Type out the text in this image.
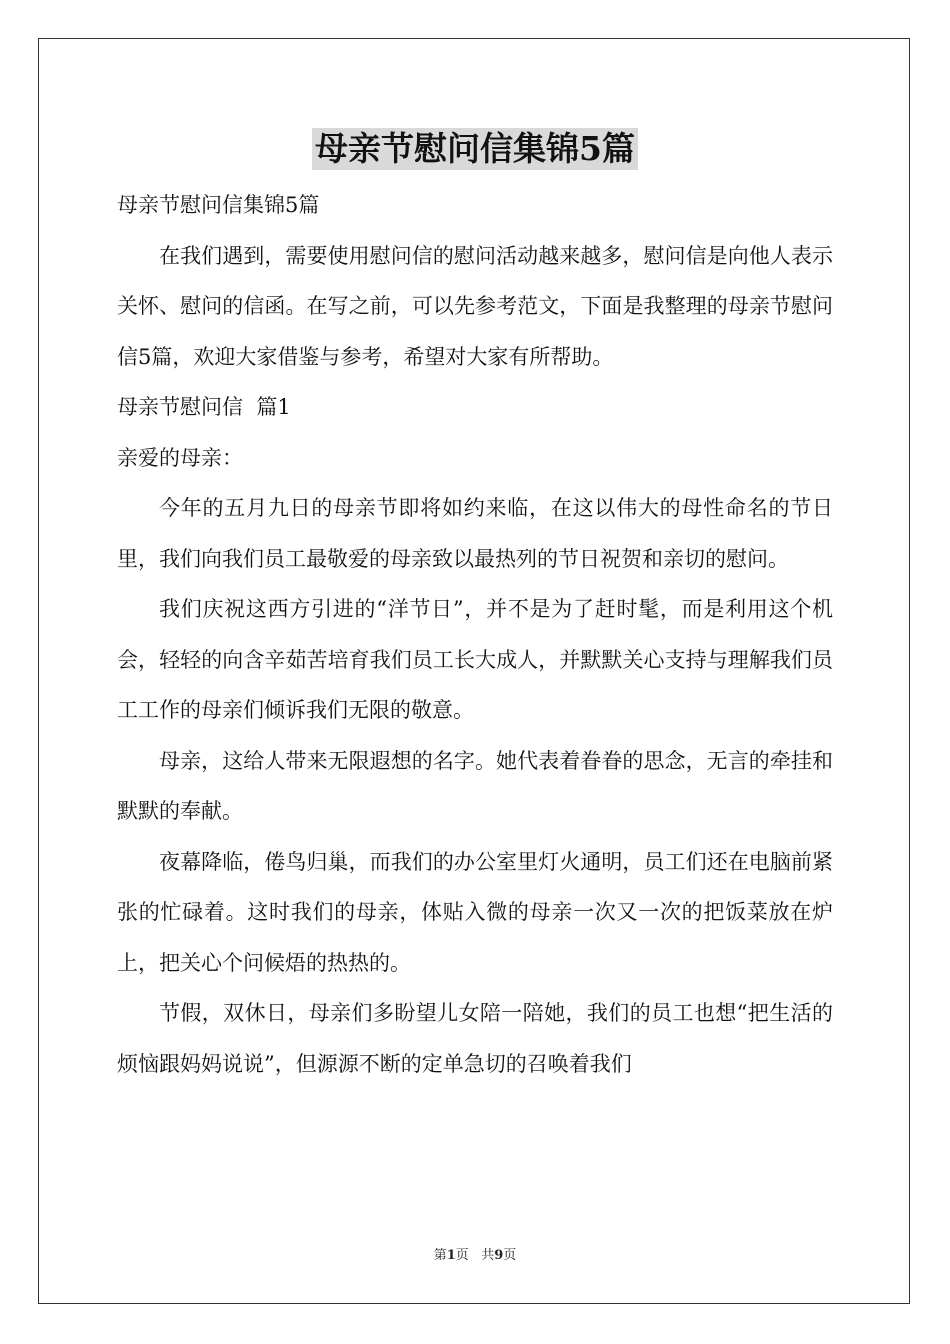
母亲节慰问信集锦5篇

母亲节慰问信集锦5篇

在我们遇到，需要使用慰问信的慰问活动越来越多，慰问信是向他人表示关怀、慰问的信函。在写之前，可以先参考范文，下面是我整理的母亲节慰问信5篇，欢迎大家借鉴与参考，希望对大家有所帮助。

母亲节慰问信  篇1

亲爱的母亲：

今年的五月九日的母亲节即将如约来临，在这以伟大的母性命名的节日里，我们向我们员工最敬爱的母亲致以最热列的节日祝贺和亲切的慰问。

我们庆祝这西方引进的“洋节日”，并不是为了赶时髦，而是利用这个机会，轻轻的向含辛茹苦培育我们员工长大成人，并默默关心支持与理解我们员工工作的母亲们倾诉我们无限的敬意。

母亲，这给人带来无限遐想的名字。她代表着眷眷的思念，无言的牵挂和默默的奉献。

夜幕降临，倦鸟归巢，而我们的办公室里灯火通明，员工们还在电脑前紧张的忙碌着。这时我们的母亲，体贴入微的母亲一次又一次的把饭菜放在炉上，把关心个问候焐的热热的。

节假，双休日，母亲们多盼望儿女陪一陪她，我们的员工也想“把生活的烦恼跟妈妈说说”，但源源不断的定单急切的召唤着我们

第1页   共9页
